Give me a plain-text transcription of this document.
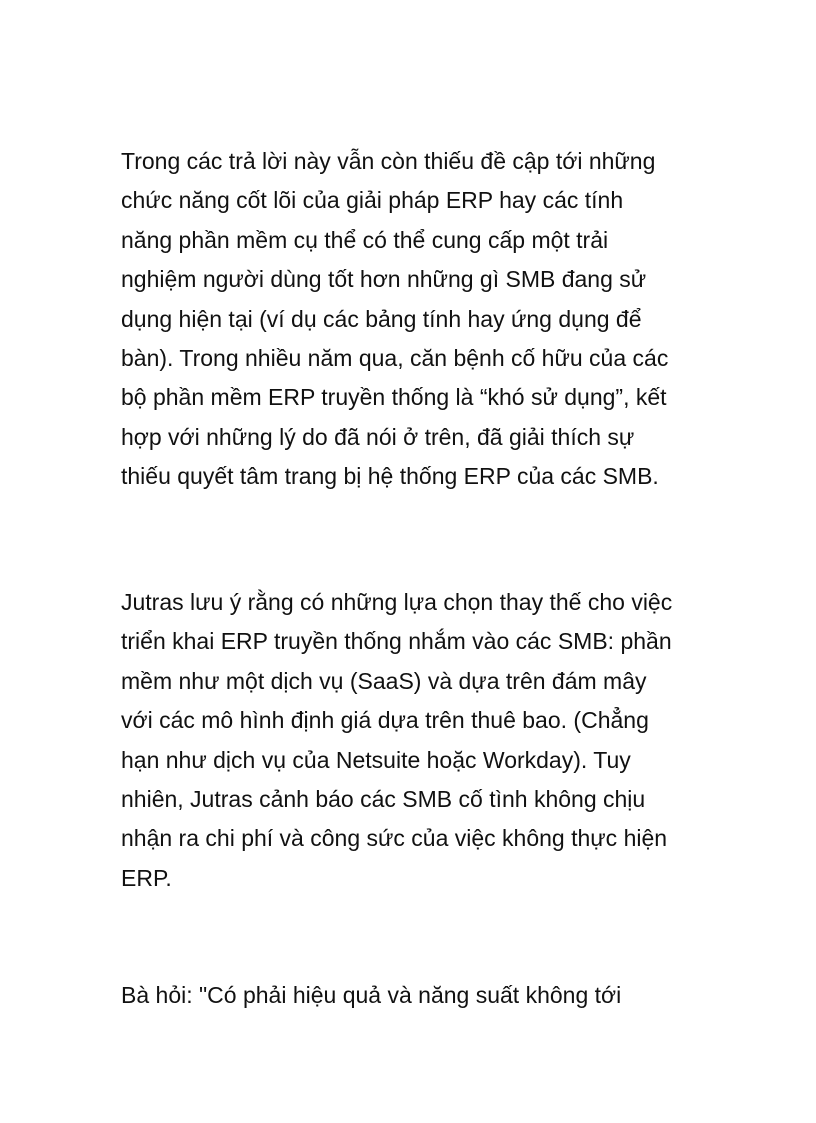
Trong các trả lời này vẫn còn thiếu đề cập tới những
chức năng cốt lõi của giải pháp ERP hay các tính
năng phần mềm cụ thể có thể cung cấp một trải
nghiệm người dùng tốt hơn những gì SMB đang sử
dụng hiện tại (ví dụ các bảng tính hay ứng dụng để
bàn). Trong nhiều năm qua, căn bệnh cố hữu của các
bộ phần mềm ERP truyền thống là “khó sử dụng”, kết
hợp với những lý do đã nói ở trên, đã giải thích sự
thiếu quyết tâm trang bị hệ thống ERP của các SMB.
Jutras lưu ý rằng có những lựa chọn thay thế cho việc
triển khai ERP truyền thống nhắm vào các SMB: phần
mềm như một dịch vụ (SaaS) và dựa trên đám mây
với các mô hình định giá dựa trên thuê bao. (Chẳng
hạn như dịch vụ của Netsuite hoặc Workday). Tuy
nhiên, Jutras cảnh báo các SMB cố tình không chịu
nhận ra chi phí và công sức của việc không thực hiện
ERP.
Bà hỏi: "Có phải hiệu quả và năng suất không tới
